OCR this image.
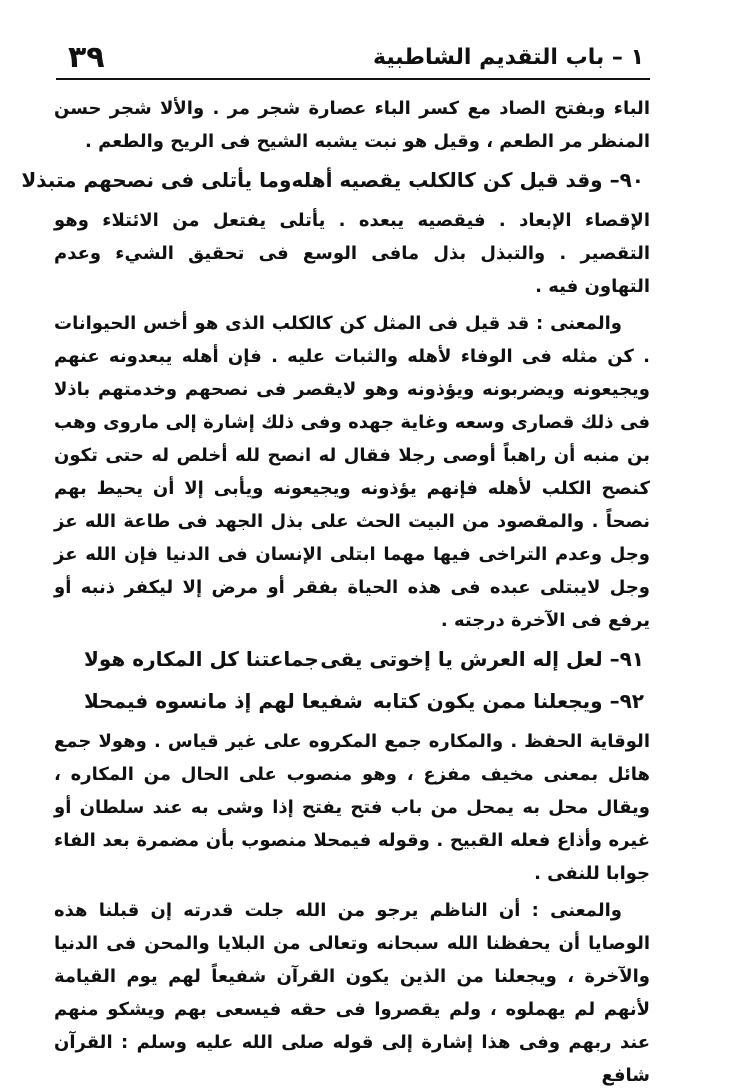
٣٩	١ – باب التقديم الشاطبية

الباء وبفتح الصاد مع كسر الباء عصارة شجر مر . والألا شجر حسن المنظر مر الطعم ، وقيل هو نبت يشبه الشيح فى الريح والطعم .

٩٠– وقد قيل كن كالكلب يقصيه أهله
وما يأتلى فى نصحهم متبذلا

الإقصاء الإبعاد . فيقصيه يبعده . يأتلى يفتعل من الائتلاء وهو التقصير . والتبذل بذل مافى الوسع فى تحقيق الشيء وعدم التهاون فيه .

والمعنى : قد قيل فى المثل كن كالكلب الذى هو أخس الحيوانات . كن مثله فى الوفاء لأهله والثبات عليه . فإن أهله يبعدونه عنهم ويجيعونه ويضربونه ويؤذونه وهو لايقصر فى نصحهم وخدمتهم باذلا فى ذلك قصارى وسعه وغاية جهده وفى ذلك إشارة إلى ماروى وهب بن منبه أن راهباً أوصى رجلا فقال له انصح لله أخلص له حتى تكون كنصح الكلب لأهله فإنهم يؤذونه ويجيعونه ويأبى إلا أن يحيط بهم نصحاً . والمقصود من البيت الحث على بذل الجهد فى طاعة الله عز وجل وعدم التراخى فيها مهما ابتلى الإنسان فى الدنيا فإن الله عز وجل لايبتلى عبده فى هذه الحياة بفقر أو مرض إلا ليكفر ذنبه أو يرفع فى الآخرة درجته .

٩١– لعل إله العرش يا إخوتى يقى
جماعتنا كل المكاره هولا
٩٢– ويجعلنا ممن يكون كتابه
شفيعا لهم إذ مانسوه فيمحلا

الوقاية الحفظ . والمكاره جمع المكروه على غير قياس . وهولا جمع هائل بمعنى مخيف مفزع ، وهو منصوب على الحال من المكاره ، ويقال محل به يمحل من باب فتح يفتح إذا وشى به عند سلطان أو غيره وأذاع فعله القبيح . وقوله فيمحلا منصوب بأن مضمرة بعد الفاء جوابا للنفى .

والمعنى : أن الناظم يرجو من الله جلت قدرته إن قبلنا هذه الوصايا أن يحفظنا الله سبحانه وتعالى من البلايا والمحن فى الدنيا والآخرة ، ويجعلنا من الذين يكون القرآن شفيعاً لهم يوم القيامة لأنهم لم يهملوه ، ولم يقصروا فى حقه فيسعى بهم ويشكو منهم عند ربهم وفى هذا إشارة إلى قوله صلى الله عليه وسلم : القرآن شافع
